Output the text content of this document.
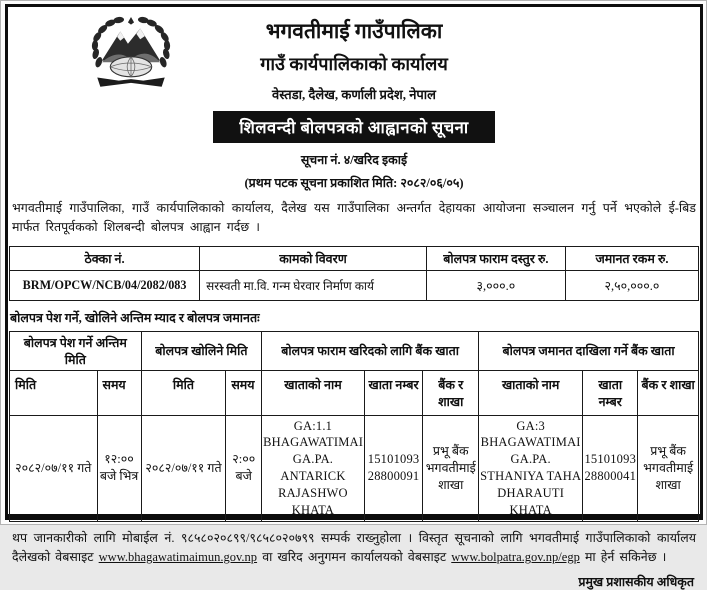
भगवतीमाई गाउँपालिका
गाउँ कार्यपालिकाको कार्यालय
वेस्तडा, दैलेख, कर्णाली प्रदेश, नेपाल
शिलवन्दी बोलपत्रको आह्वानको सूचना
सूचना नं. ४/खरिद इकाई
(प्रथम पटक सूचना प्रकाशित मिति: २०८२/०६/०५)
भगवतीमाई गाउँपालिका, गाउँ कार्यपालिकाको कार्यालय, दैलेख यस गाउँपालिका अन्तर्गत देहायका आयोजना सञ्चालन गर्नु पर्ने भएकोले ई-बिड मार्फत रितपूर्वकको शिलबन्दी बोलपत्र आह्वान गर्दछ ।
ठेक्का नं.	कामको विवरण	बोलपत्र फाराम दस्तुर रु.	जमानत रकम रु.
BRM/OPCW/NCB/04/2082/083	सरस्वती मा.वि. गन्म घेरवार निर्माण कार्य	३,०००.०	२,५०,०००.०
बोलपत्र पेश गर्ने, खोलिने अन्तिम म्याद र बोलपत्र जमानतः
बोलपत्र पेश गर्ने अन्तिम मिति		बोलपत्र खोलिने मिति		बोलपत्र फाराम खरिदको लागि बैंक खाता			बोलपत्र जमानत दाखिला गर्ने बैंक खाता		
मिति	समय	मिति	समय	खाताको नाम	खाता नम्बर	बैंक र शाखा	खाताको नाम	खाता नम्बर	बैंक र शाखा
२०८२/०७/११ गते	१२:०० बजे भित्र	२०८२/०७/११ गते	२:०० बजे	GA:1.1 BHAGAWATIMAI GA.PA. ANTARICK RAJASHWO KHATA	15101093 28800091	प्रभू बैंक भगवतीमाई शाखा	GA:3 BHAGAWATIMAI GA.PA. STHANIYA TAHA DHARAUTI KHATA	15101093 28800041	प्रभू बैंक भगवतीमाई शाखा
थप जानकारीको लागि मोबाईल नं. ९८५८०२०८९९/९८५८०२०७९९ सम्पर्क राख्नुहोला । विस्तृत सूचनाको लागि भगवतीमाई गाउँपालिकाको कार्यालय दैलेखको वेबसाइट www.bhagawatimaimun.gov.np वा खरिद अनुगमन कार्यालयको वेबसाइट www.bolpatra.gov.np/egp मा हेर्न सकिनेछ ।
प्रमुख प्रशासकीय अधिकृत
